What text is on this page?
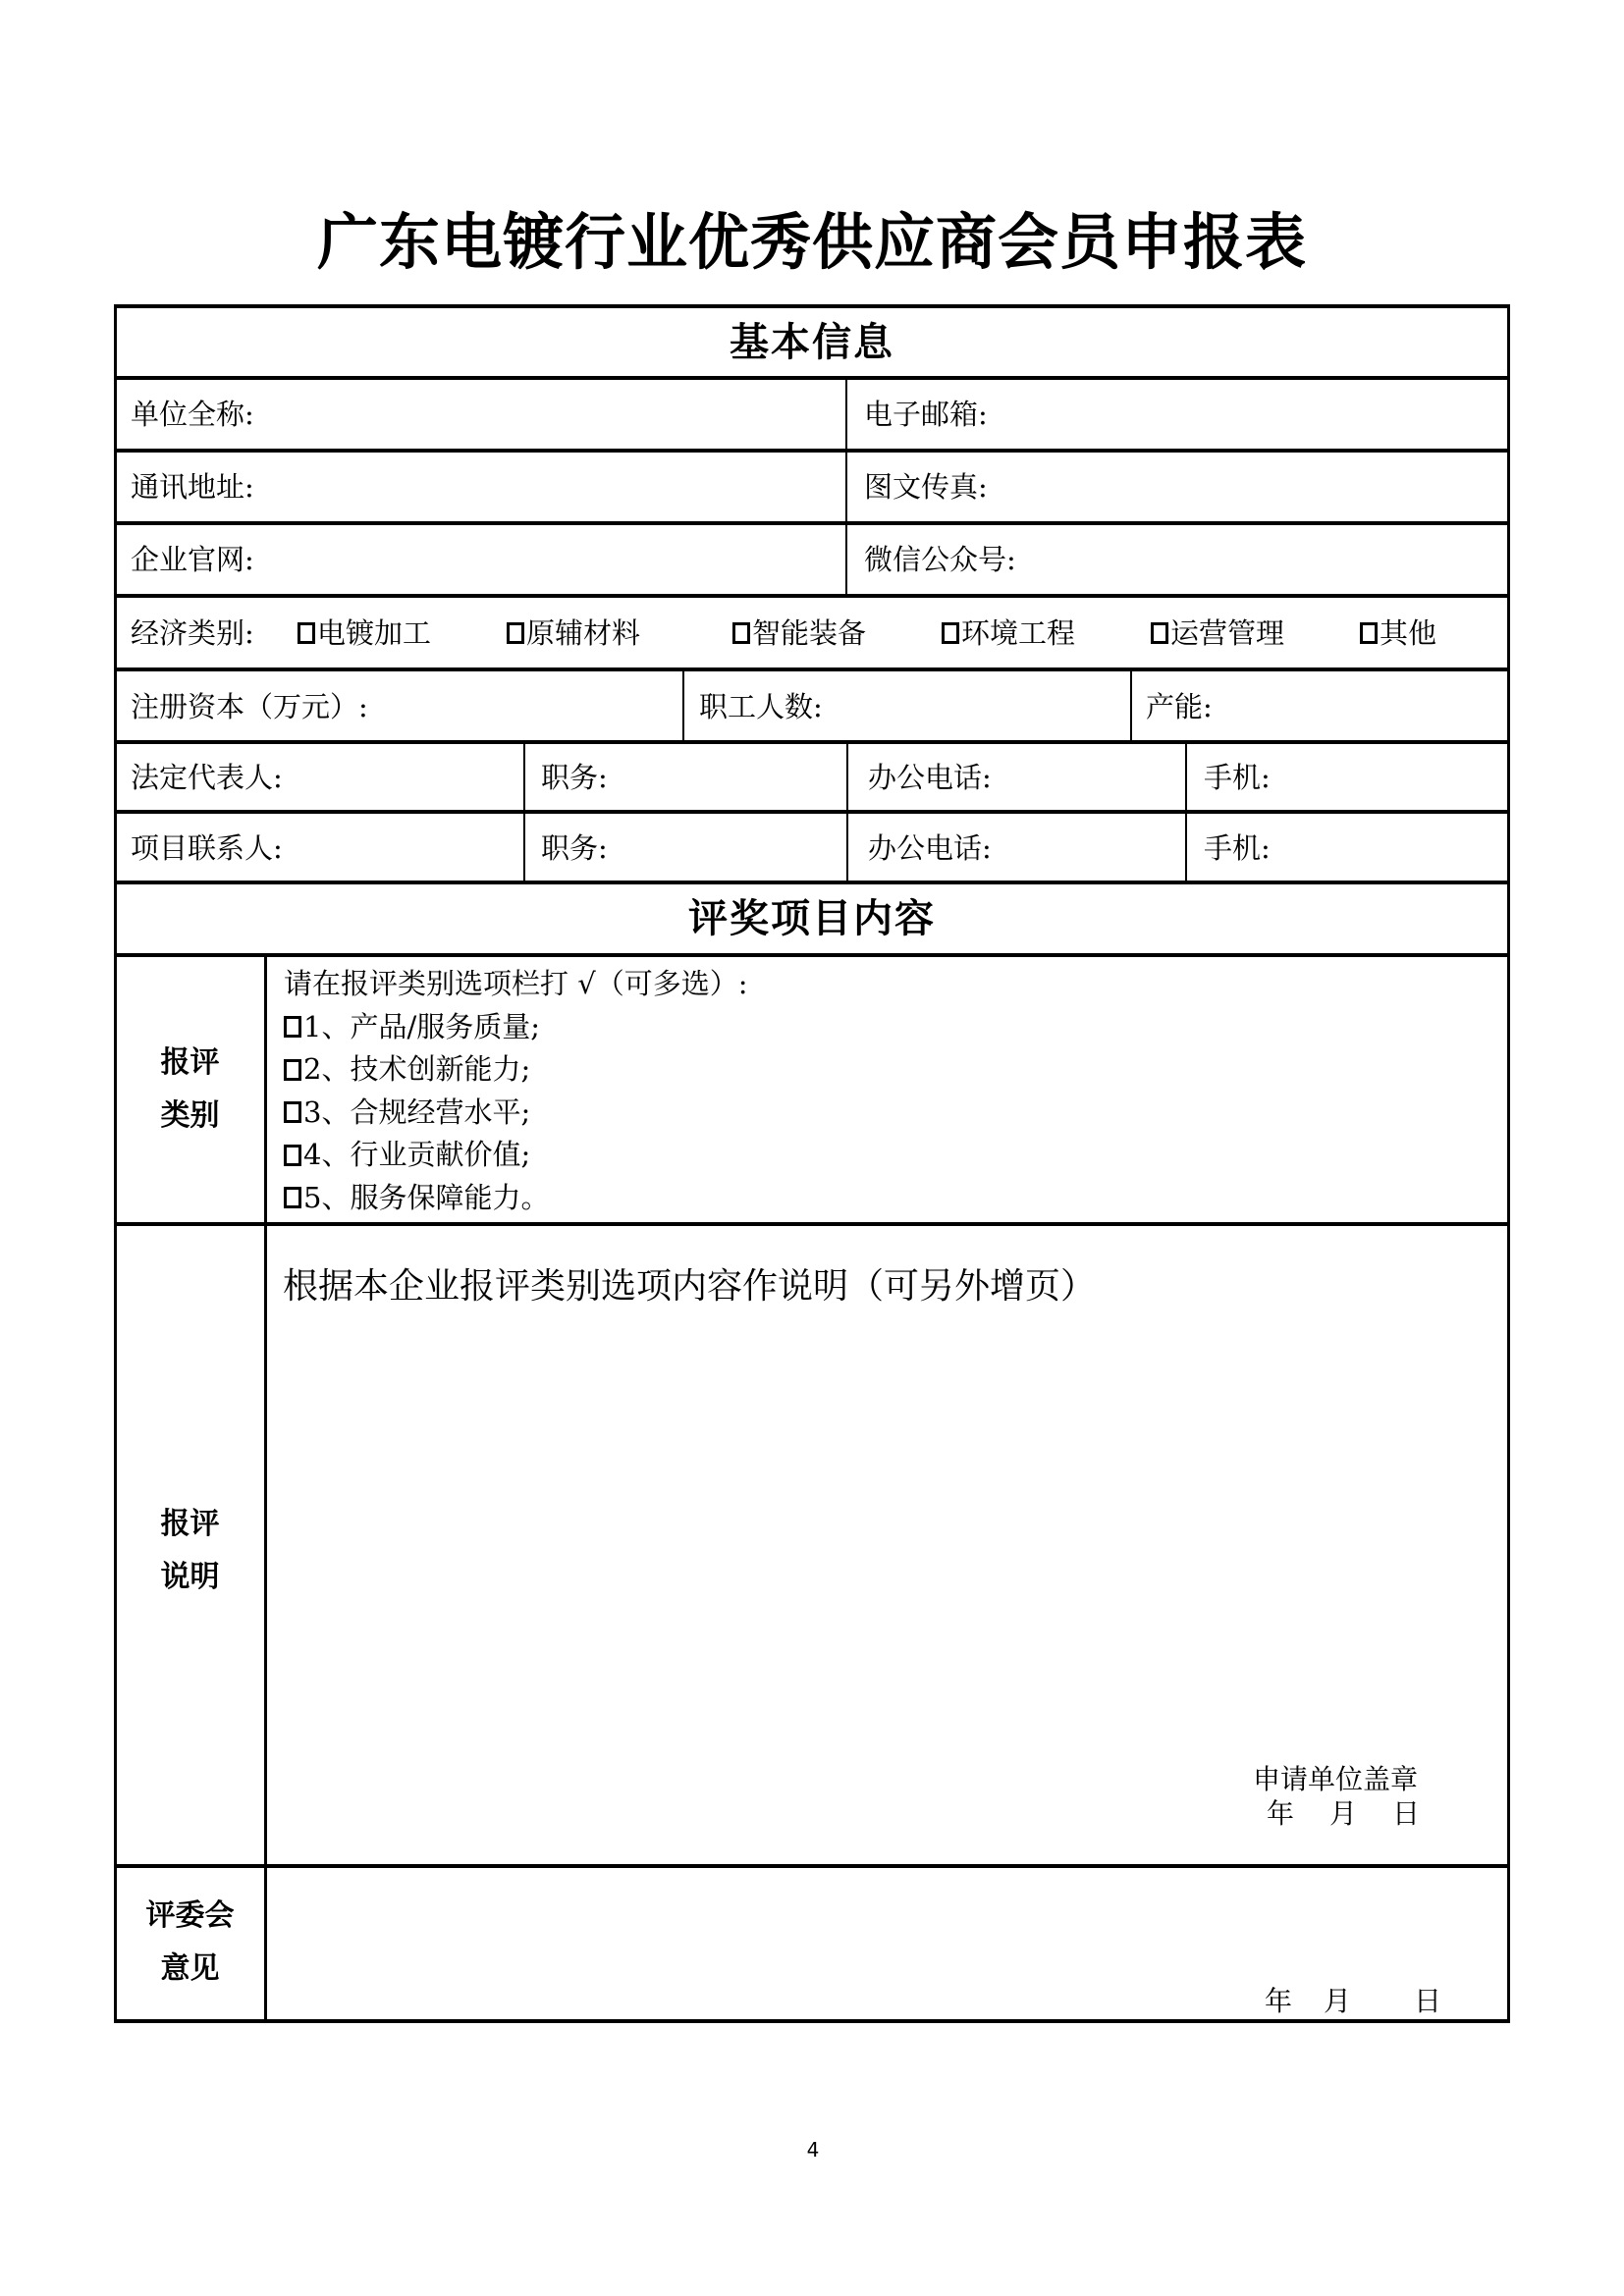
广东电镀行业优秀供应商会员申报表
基本信息
单位全称:	电子邮箱:
通讯地址:	图文传真:
企业官网:	微信公众号:
经济类别: 电镀加工	原辅材料	智能装备	环境工程	运营管理	其他
注册资本（万元）:	职工人数:	产能:
法定代表人:	职务:	办公电话:	手机:
项目联系人:	职务:	办公电话:	手机:
评奖项目内容
报评
类别
请在报评类别选项栏打 √（可多选）:
1、产品/服务质量;
2、技术创新能力;
3、合规经营水平;
4、行业贡献价值;
5、服务保障能力。
报评
说明
根据本企业报评类别选项内容作说明（可另外增页）
申请单位盖章
年 月 日
评委会
意见
年 月 日
4
